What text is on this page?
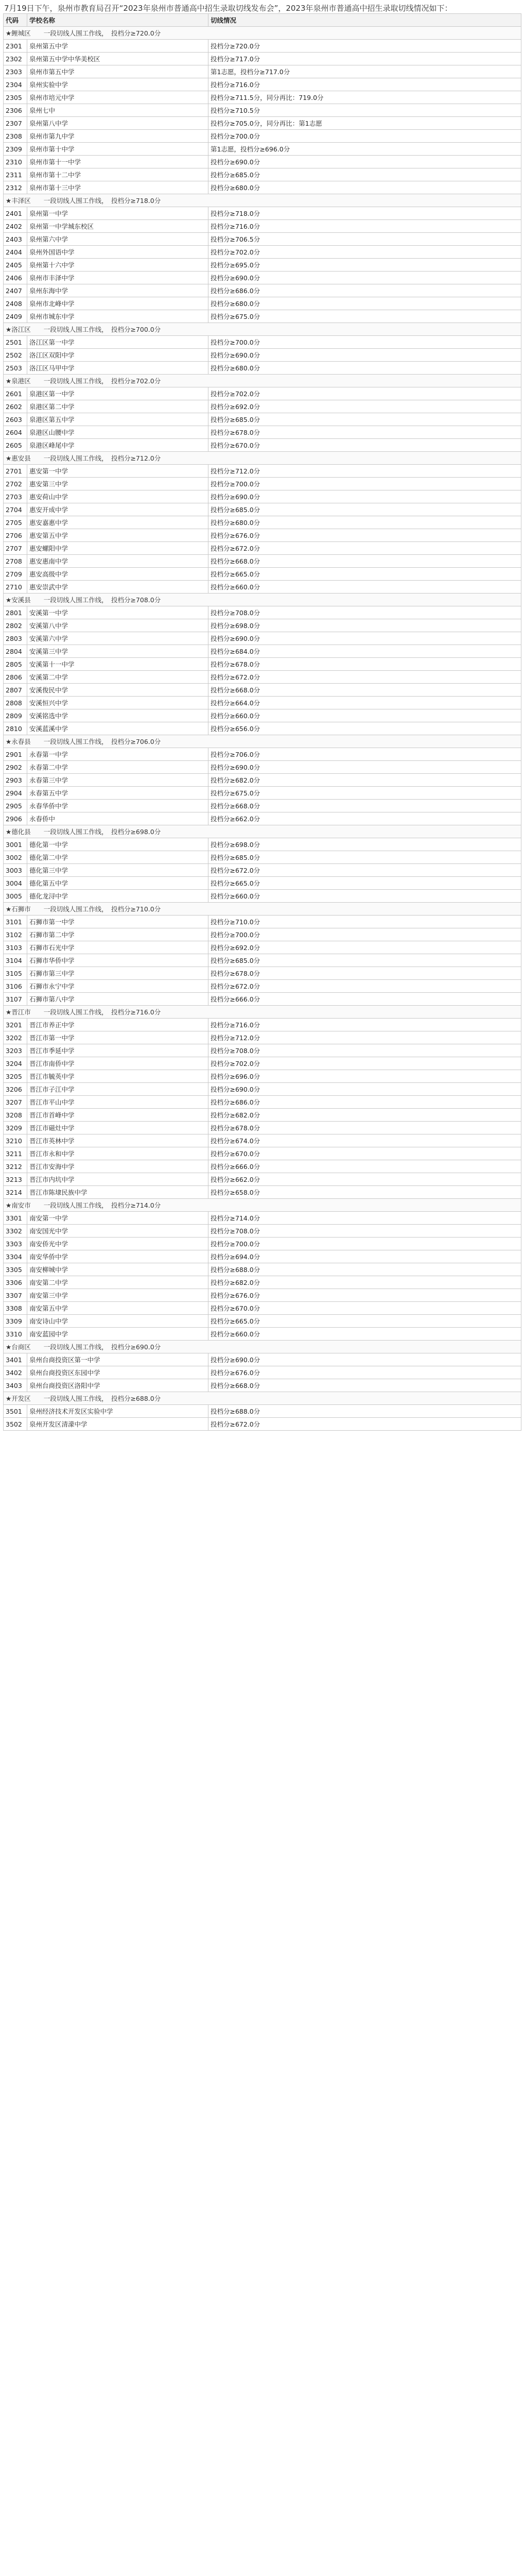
7月19日下午，泉州市教育局召开“2023年泉州市普通高中招生录取切线发布会”，2023年泉州市普通高中招生录取切线情况如下：
代码	学校名称	切线情况
★鲤城区　　一段切线人围工作线，　投档分≥720.0分		
2301	泉州第五中学	投档分≥720.0分
2302	泉州第五中学中华美校区	投档分≥717.0分
2303	泉州市第五中学	第1志愿，投档分≥717.0分
2304	泉州实验中学	投档分≥716.0分
2305	泉州市培元中学	投档分≥711.5分，同分再比：719.0分
2306	泉州七中	投档分≥710.5分
2307	泉州第八中学	投档分≥705.0分，同分再比：第1志愿
2308	泉州市第九中学	投档分≥700.0分
2309	泉州市第十中学	第1志愿，投档分≥696.0分
2310	泉州市第十一中学	投档分≥690.0分
2311	泉州市第十二中学	投档分≥685.0分
2312	泉州市第十三中学	投档分≥680.0分
★丰泽区　　一段切线人围工作线，　投档分≥718.0分		
2401	泉州第一中学	投档分≥718.0分
2402	泉州第一中学城东校区	投档分≥716.0分
2403	泉州第六中学	投档分≥706.5分
2404	泉州外国语中学	投档分≥702.0分
2405	泉州第十六中学	投档分≥695.0分
2406	泉州市丰泽中学	投档分≥690.0分
2407	泉州东海中学	投档分≥686.0分
2408	泉州市北峰中学	投档分≥680.0分
2409	泉州市城东中学	投档分≥675.0分
★洛江区　　一段切线人围工作线，　投档分≥700.0分		
2501	洛江区第一中学	投档分≥700.0分
2502	洛江区双阳中学	投档分≥690.0分
2503	洛江区马甲中学	投档分≥680.0分
★泉港区　　一段切线人围工作线，　投档分≥702.0分		
2601	泉港区第一中学	投档分≥702.0分
2602	泉港区第二中学	投档分≥692.0分
2603	泉港区第五中学	投档分≥685.0分
2604	泉港区山腰中学	投档分≥678.0分
2605	泉港区峰尾中学	投档分≥670.0分
★惠安县　　一段切线人围工作线，　投档分≥712.0分		
2701	惠安第一中学	投档分≥712.0分
2702	惠安第三中学	投档分≥700.0分
2703	惠安荷山中学	投档分≥690.0分
2704	惠安开成中学	投档分≥685.0分
2705	惠安嘉惠中学	投档分≥680.0分
2706	惠安第五中学	投档分≥676.0分
2707	惠安螺阳中学	投档分≥672.0分
2708	惠安惠南中学	投档分≥668.0分
2709	惠安高级中学	投档分≥665.0分
2710	惠安崇武中学	投档分≥660.0分
★安溪县　　一段切线人围工作线，　投档分≥708.0分		
2801	安溪第一中学	投档分≥708.0分
2802	安溪第八中学	投档分≥698.0分
2803	安溪第六中学	投档分≥690.0分
2804	安溪第三中学	投档分≥684.0分
2805	安溪第十一中学	投档分≥678.0分
2806	安溪第二中学	投档分≥672.0分
2807	安溪俊民中学	投档分≥668.0分
2808	安溪恒兴中学	投档分≥664.0分
2809	安溪铭选中学	投档分≥660.0分
2810	安溪蓝溪中学	投档分≥656.0分
★永春县　　一段切线人围工作线，　投档分≥706.0分		
2901	永春第一中学	投档分≥706.0分
2902	永春第二中学	投档分≥690.0分
2903	永春第三中学	投档分≥682.0分
2904	永春第五中学	投档分≥675.0分
2905	永春华侨中学	投档分≥668.0分
2906	永春侨中	投档分≥662.0分
★德化县　　一段切线人围工作线，　投档分≥698.0分		
3001	德化第一中学	投档分≥698.0分
3002	德化第二中学	投档分≥685.0分
3003	德化第三中学	投档分≥672.0分
3004	德化第五中学	投档分≥665.0分
3005	德化龙浔中学	投档分≥660.0分
★石狮市　　一段切线人围工作线，　投档分≥710.0分		
3101	石狮市第一中学	投档分≥710.0分
3102	石狮市第二中学	投档分≥700.0分
3103	石狮市石光中学	投档分≥692.0分
3104	石狮市华侨中学	投档分≥685.0分
3105	石狮市第三中学	投档分≥678.0分
3106	石狮市永宁中学	投档分≥672.0分
3107	石狮市第八中学	投档分≥666.0分
★晋江市　　一段切线人围工作线，　投档分≥716.0分		
3201	晋江市养正中学	投档分≥716.0分
3202	晋江市第一中学	投档分≥712.0分
3203	晋江市季延中学	投档分≥708.0分
3204	晋江市南侨中学	投档分≥702.0分
3205	晋江市毓英中学	投档分≥696.0分
3206	晋江市子江中学	投档分≥690.0分
3207	晋江市平山中学	投档分≥686.0分
3208	晋江市首峰中学	投档分≥682.0分
3209	晋江市磁灶中学	投档分≥678.0分
3210	晋江市英林中学	投档分≥674.0分
3211	晋江市永和中学	投档分≥670.0分
3212	晋江市安海中学	投档分≥666.0分
3213	晋江市内坑中学	投档分≥662.0分
3214	晋江市陈埭民族中学	投档分≥658.0分
★南安市　　一段切线人围工作线，　投档分≥714.0分		
3301	南安第一中学	投档分≥714.0分
3302	南安国光中学	投档分≥708.0分
3303	南安侨光中学	投档分≥700.0分
3304	南安华侨中学	投档分≥694.0分
3305	南安柳城中学	投档分≥688.0分
3306	南安第二中学	投档分≥682.0分
3307	南安第三中学	投档分≥676.0分
3308	南安第五中学	投档分≥670.0分
3309	南安诗山中学	投档分≥665.0分
3310	南安蓝园中学	投档分≥660.0分
★台商区　　一段切线人围工作线，　投档分≥690.0分		
3401	泉州台商投资区第一中学	投档分≥690.0分
3402	泉州台商投资区东园中学	投档分≥676.0分
3403	泉州台商投资区洛阳中学	投档分≥668.0分
★开发区　　一段切线人围工作线，　投档分≥688.0分		
3501	泉州经济技术开发区实验中学	投档分≥688.0分
3502	泉州开发区清濛中学	投档分≥672.0分
